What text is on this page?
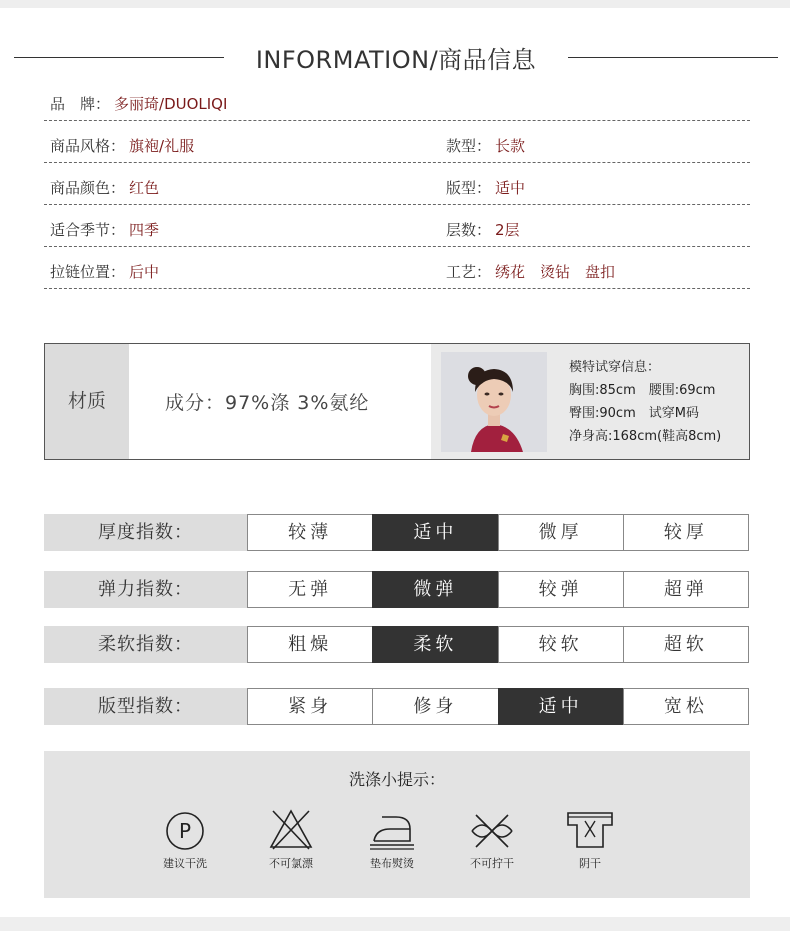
INFORMATION/商品信息
品　牌： 多丽琦/DUOLIQI
商品风格： 旗袍/礼服	款型： 长款
商品颜色： 红色	版型： 适中
适合季节： 四季	层数： 2层
拉链位置： 后中	工艺： 绣花　烫钻　盘扣
材质	成分：97%涤 3%氨纶
模特试穿信息：
胸围:85cm　腰围:69cm
臀围:90cm　试穿M码
净身高:168cm(鞋高8cm)
厚度指数：	较薄	适中	微厚	较厚
弹力指数：	无弹	微弹	较弹	超弹
柔软指数：	粗燥	柔软	较软	超软
版型指数：	紧身	修身	适中	宽松
洗涤小提示：
P
建议干洗	不可氯漂	垫布熨烫	不可拧干	阴干
